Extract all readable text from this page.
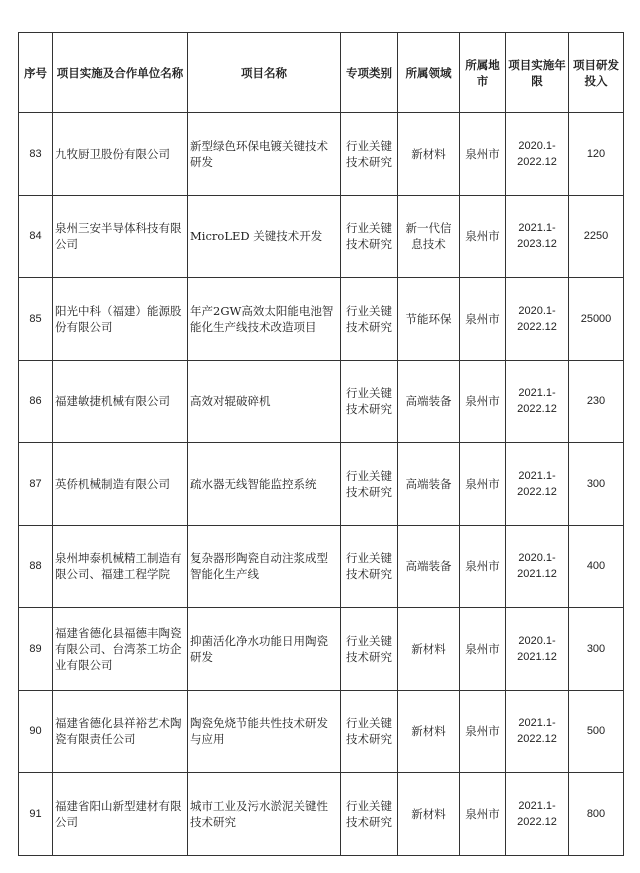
序号	项目实施及合作单位名称	项目名称	专项类别	所属领域	所属地市	项目实施年限	项目研发投入
83	九牧厨卫股份有限公司	新型绿色环保电镀关键技术研发	行业关键技术研究	新材料	泉州市	2020.1-2022.12	120
84	泉州三安半导体科技有限公司	MicroLED 关键技术开发	行业关键技术研究	新一代信息技术	泉州市	2021.1-2023.12	2250
85	阳光中科（福建）能源股份有限公司	年产2GW高效太阳能电池智能化生产线技术改造项目	行业关键技术研究	节能环保	泉州市	2020.1-2022.12	25000
86	福建敏捷机械有限公司	高效对辊破碎机	行业关键技术研究	高端装备	泉州市	2021.1-2022.12	230
87	英侨机械制造有限公司	疏水器无线智能监控系统	行业关键技术研究	高端装备	泉州市	2021.1-2022.12	300
88	泉州坤泰机械精工制造有限公司、福建工程学院	复杂器形陶瓷自动注浆成型智能化生产线	行业关键技术研究	高端装备	泉州市	2020.1-2021.12	400
89	福建省德化县福德丰陶瓷有限公司、台湾茶工坊企业有限公司	抑菌活化净水功能日用陶瓷研发	行业关键技术研究	新材料	泉州市	2020.1-2021.12	300
90	福建省德化县祥裕艺术陶瓷有限责任公司	陶瓷免烧节能共性技术研发与应用	行业关键技术研究	新材料	泉州市	2021.1-2022.12	500
91	福建省阳山新型建材有限公司	城市工业及污水淤泥关键性技术研究	行业关键技术研究	新材料	泉州市	2021.1-2022.12	800
